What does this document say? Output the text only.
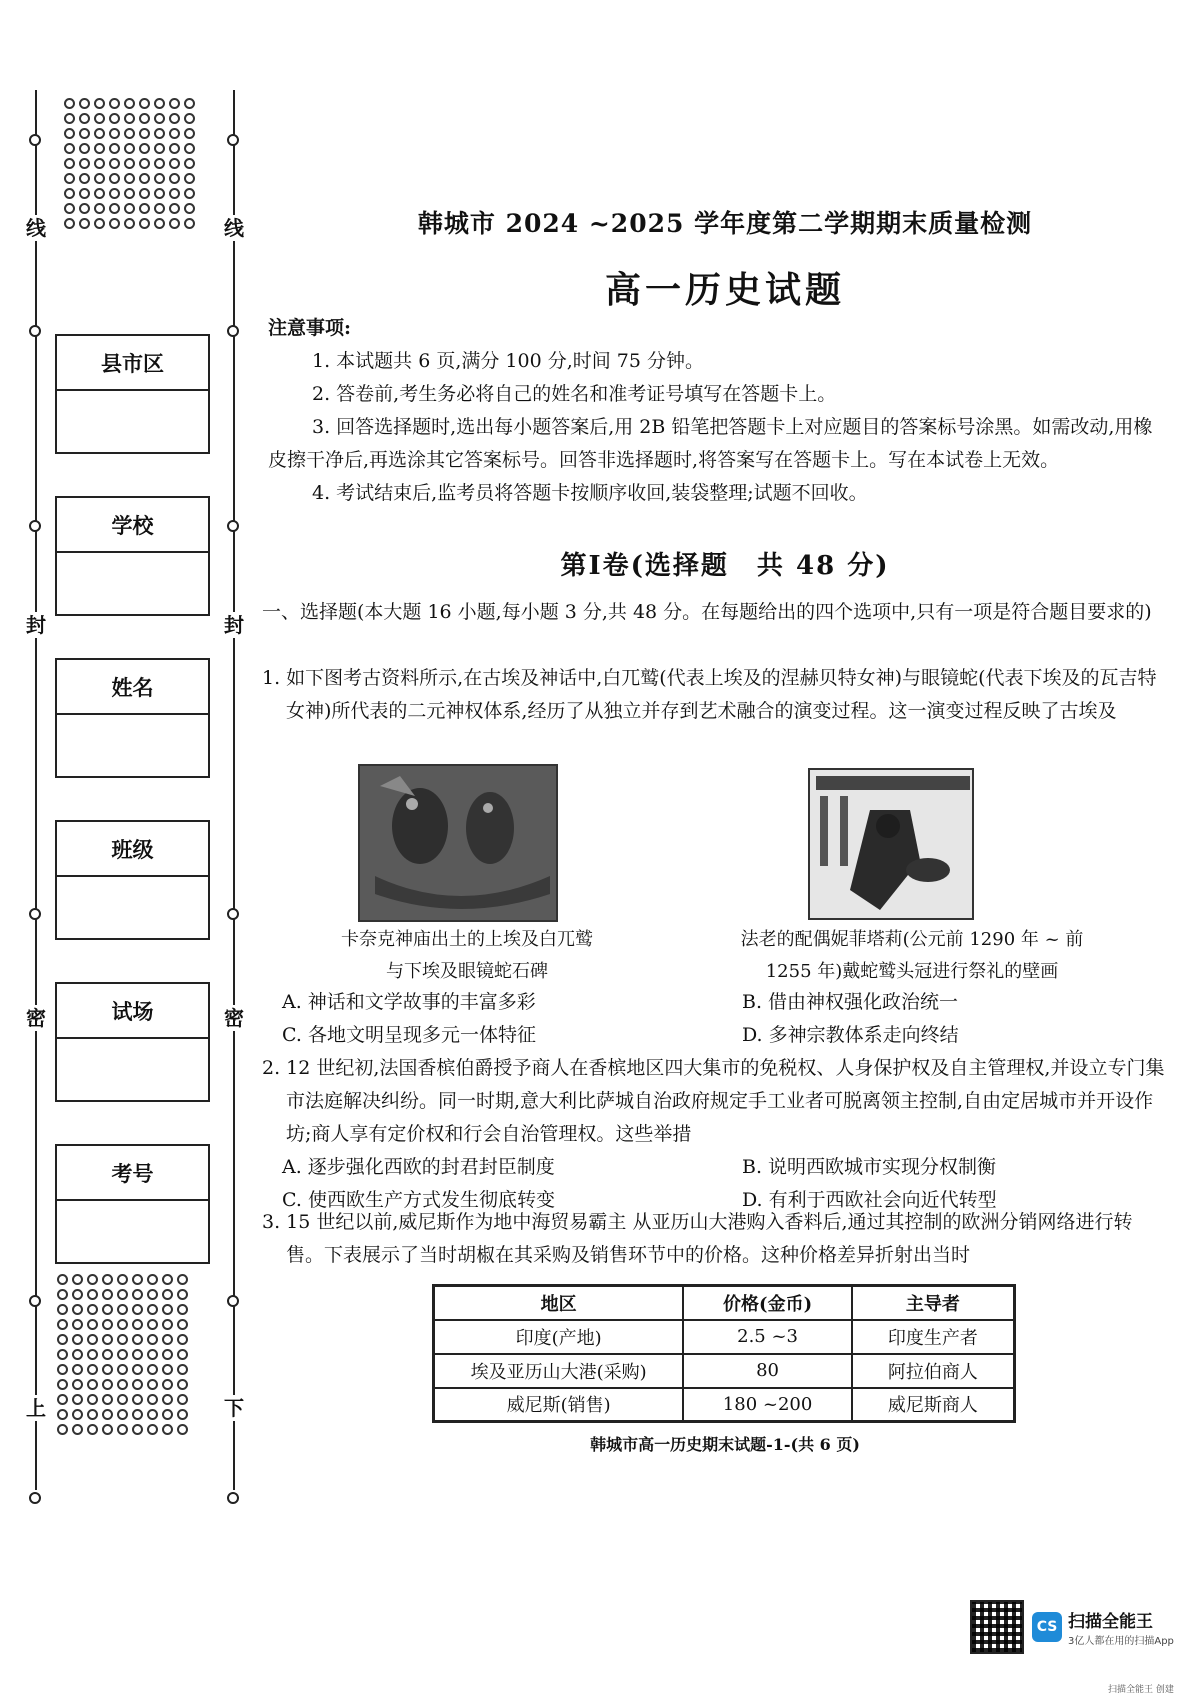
线	线
封	封
密	密
上	下
县市区
学校
姓名
班级
试场
考号
韩城市 2024 ~2025 学年度第二学期期末质量检测
高一历史试题
注意事项:
1. 本试题共 6 页,满分 100 分,时间 75 分钟。
2. 答卷前,考生务必将自己的姓名和准考证号填写在答题卡上。
3. 回答选择题时,选出每小题答案后,用 2B 铅笔把答题卡上对应题目的答案标号涂黑。如需改动,用橡皮擦干净后,再选涂其它答案标号。回答非选择题时,将答案写在答题卡上。写在本试卷上无效。
4. 考试结束后,监考员将答题卡按顺序收回,装袋整理;试题不回收。
第Ⅰ卷(选择题　共 48 分)
一、选择题(本大题 16 小题,每小题 3 分,共 48 分。在每题给出的四个选项中,只有一项是符合题目要求的)
1. 如下图考古资料所示,在古埃及神话中,白兀鹫(代表上埃及的涅赫贝特女神)与眼镜蛇(代表下埃及的瓦吉特女神)所代表的二元神权体系,经历了从独立并存到艺术融合的演变过程。这一演变过程反映了古埃及
卡奈克神庙出土的上埃及白兀鹫
与下埃及眼镜蛇石碑
法老的配偶妮菲塔莉(公元前 1290 年 ~ 前
1255 年)戴蛇鹫头冠进行祭礼的壁画
A. 神话和文学故事的丰富多彩	B. 借由神权强化政治统一
C. 各地文明呈现多元一体特征	D. 多神宗教体系走向终结
2. 12 世纪初,法国香槟伯爵授予商人在香槟地区四大集市的免税权、人身保护权及自主管理权,并设立专门集市法庭解决纠纷。同一时期,意大利比萨城自治政府规定手工业者可脱离领主控制,自由定居城市并开设作坊;商人享有定价权和行会自治管理权。这些举措
A. 逐步强化西欧的封君封臣制度	B. 说明西欧城市实现分权制衡
C. 使西欧生产方式发生彻底转变	D. 有利于西欧社会向近代转型
3. 15 世纪以前,威尼斯作为地中海贸易霸主 从亚历山大港购入香料后,通过其控制的欧洲分销网络进行转售。下表展示了当时胡椒在其采购及销售环节中的价格。这种价格差异折射出当时
地区	价格(金币)	主导者
印度(产地)	2.5 ~3	印度生产者
埃及亚历山大港(采购)	80	阿拉伯商人
威尼斯(销售)	180 ~200	威尼斯商人
韩城市高一历史期末试题-1-(共 6 页)
CS 扫描全能王
3亿人都在用的扫描App
扫描全能王 创建
